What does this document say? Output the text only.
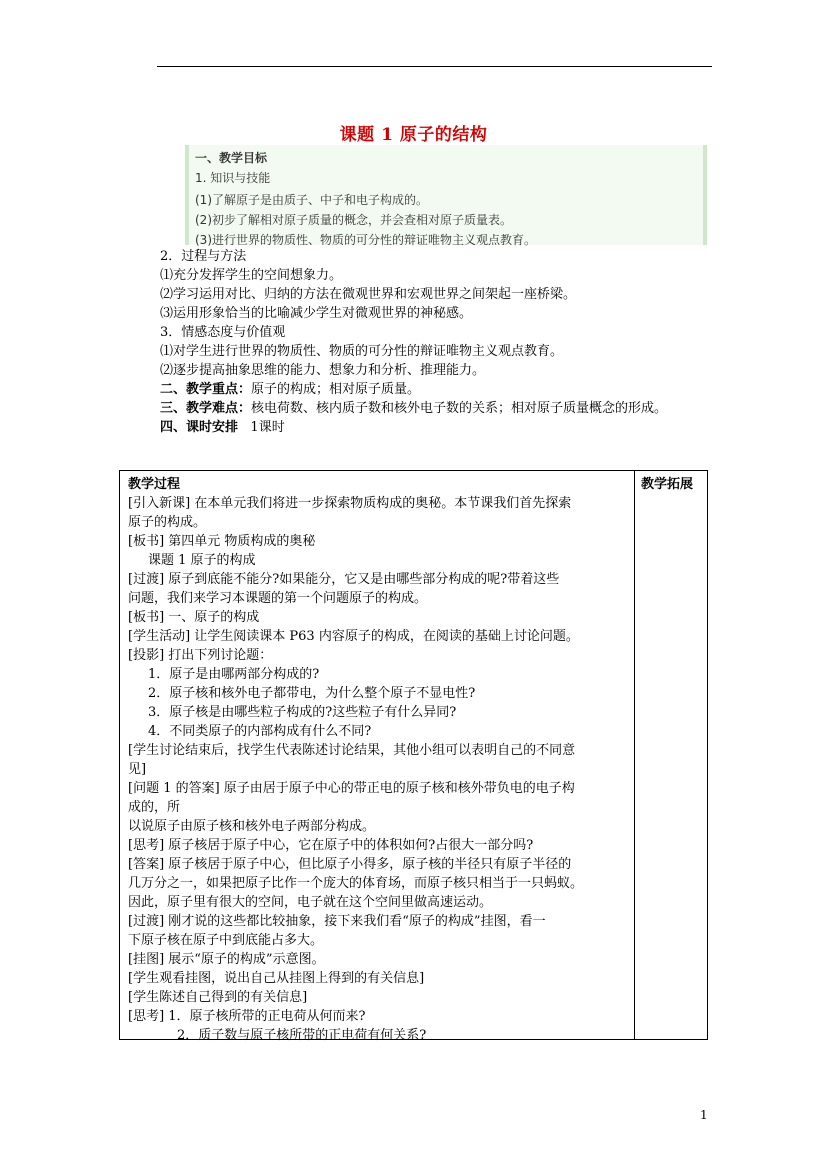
课题 1 原子的结构
一、教学目标
1. 知识与技能
(1)了解原子是由质子、中子和电子构成的。
(2)初步了解相对原子质量的概念，并会查相对原子质量表。
(3)进行世界的物质性、物质的可分性的辩证唯物主义观点教育。
2．过程与方法
⑴充分发挥学生的空间想象力。
⑵学习运用对比、归纳的方法在微观世界和宏观世界之间架起一座桥梁。
⑶运用形象恰当的比喻减少学生对微观世界的神秘感。
3．情感态度与价值观
⑴对学生进行世界的物质性、物质的可分性的辩证唯物主义观点教育。
⑵逐步提高抽象思维的能力、想象力和分析、推理能力。
二、教学重点：原子的构成；相对原子质量。
三、教学难点：核电荷数、核内质子数和核外电子数的关系；相对原子质量概念的形成。
四、课时安排 1课时
教学过程
[引入新课] 在本单元我们将进一步探索物质构成的奥秘。本节课我们首先探索
原子的构成。
[板书] 第四单元 物质构成的奥秘
课题 1 原子的构成
[过渡] 原子到底能不能分?如果能分，它又是由哪些部分构成的呢?带着这些
问题，我们来学习本课题的第一个问题原子的构成。
[板书] 一、原子的构成
[学生活动] 让学生阅读课本 P63 内容原子的构成，在阅读的基础上讨论问题。
[投影] 打出下列讨论题：
1．原子是由哪两部分构成的?
2．原子核和核外电子都带电，为什么整个原子不显电性?
3．原子核是由哪些粒子构成的?这些粒子有什么异同?
4．不同类原子的内部构成有什么不同?
[学生讨论结束后，找学生代表陈述讨论结果，其他小组可以表明自己的不同意
见]
[问题 1 的答案] 原子由居于原子中心的带正电的原子核和核外带负电的电子构
成的，所
以说原子由原子核和核外电子两部分构成。
[思考] 原子核居于原子中心，它在原子中的体积如何?占很大一部分吗?
[答案] 原子核居于原子中心，但比原子小得多，原子核的半径只有原子半径的
几万分之一，如果把原子比作一个庞大的体育场，而原子核只相当于一只蚂蚁。
因此，原子里有很大的空间，电子就在这个空间里做高速运动。
[过渡] 刚才说的这些都比较抽象，接下来我们看“原子的构成”挂图，看一
下原子核在原子中到底能占多大。
[挂图] 展示“原子的构成”示意图。
[学生观看挂图，说出自己从挂图上得到的有关信息]
[学生陈述自己得到的有关信息]
[思考] 1．原子核所带的正电荷从何而来?
2．质子数与原子核所带的正电荷有何关系?

教学拓展
1
